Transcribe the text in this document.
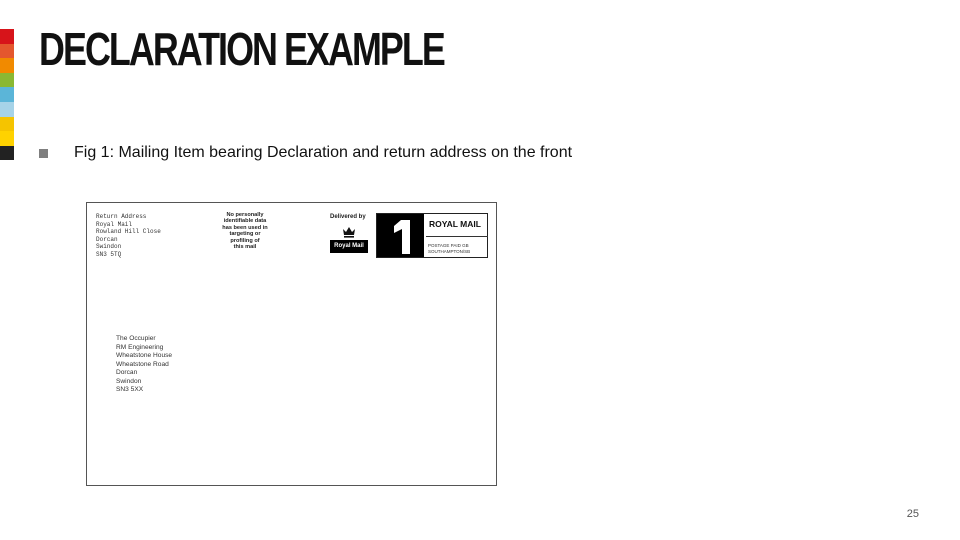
DECLARATION EXAMPLE
Fig 1: Mailing Item bearing Declaration and return address on the front
Return Address
Royal Mail
Rowland Hill Close
Dorcan
Swindon
SN3 5TQ
No personally
identifiable data
has been used in
targeting or
profiling of
this mail
Delivered by
Royal Mail
ROYAL MAIL
POSTAGE PAID GB
SOUTHAMPTON/SB
The Occupier
RM Engineering
Wheatstone House
Wheatstone Road
Dorcan
Swindon
SN3 5XX
25
